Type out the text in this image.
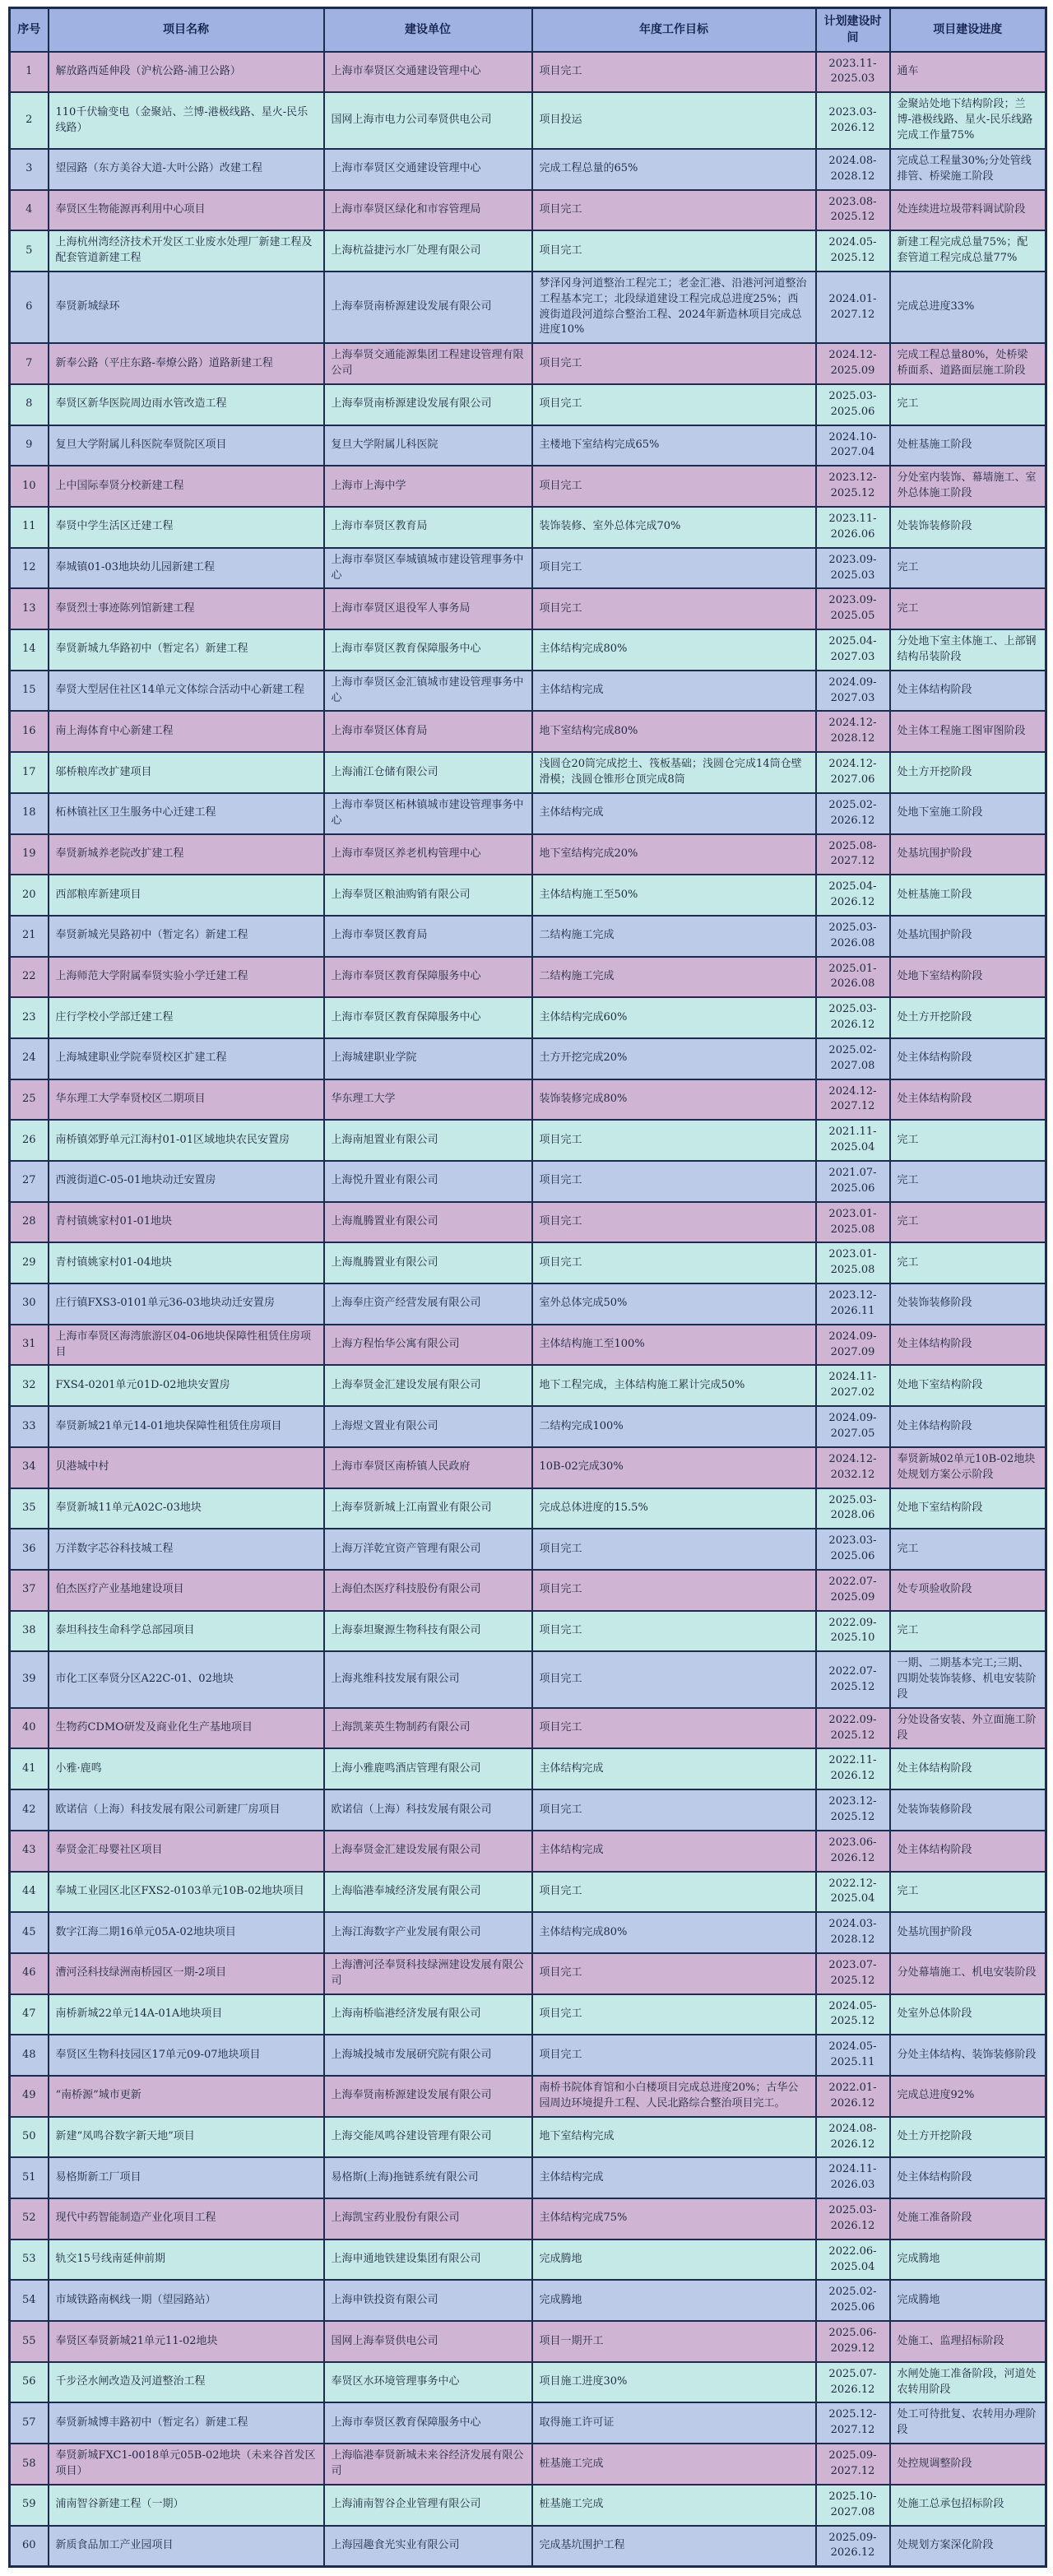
序号	项目名称	建设单位	年度工作目标	计划建设时间	项目建设进度
1	解放路西延伸段（沪杭公路-浦卫公路）	上海市奉贤区交通建设管理中心	项目完工	2023.11-2025.03	通车
2	110千伏输变电（金聚站、兰博-港极线路、星火-民乐线路）	国网上海市电力公司奉贤供电公司	项目投运	2023.03-2026.12	金聚站处地下结构阶段；兰博-港极线路、星火-民乐线路完成工作量75%
3	望园路（东方美谷大道-大叶公路）改建工程	上海市奉贤区交通建设管理中心	完成工程总量的65%	2024.08-2028.12	完成总工程量30%;分处管线排管、桥梁施工阶段
4	奉贤区生物能源再利用中心项目	上海市奉贤区绿化和市容管理局	项目完工	2023.08-2025.12	处连续进垃圾带料调试阶段
5	上海杭州湾经济技术开发区工业废水处理厂新建工程及配套管道新建工程	上海杭益捷污水厂处理有限公司	项目完工	2024.05-2025.12	新建工程完成总量75%；配套管道工程完成总量77%
6	奉贤新城绿环	上海奉贤南桥源建设发展有限公司	梦泽冈身河道整治工程完工；老金汇港、沿港河河道整治工程基本完工；北段绿道建设工程完成总进度25%；西渡街道段河道综合整治工程、2024年新造林项目完成总进度10%	2024.01-2027.12	完成总进度33%
7	新奉公路（平庄东路-奉燎公路）道路新建工程	上海奉贤交通能源集团工程建设管理有限公司	项目完工	2024.12-2025.09	完成工程总量80%，处桥梁桥面系、道路面层施工阶段
8	奉贤区新华医院周边雨水管改造工程	上海奉贤南桥源建设发展有限公司	项目完工	2025.03-2025.06	完工
9	复旦大学附属儿科医院奉贤院区项目	复旦大学附属儿科医院	主楼地下室结构完成65%	2024.10-2027.04	处桩基施工阶段
10	上中国际奉贤分校新建工程	上海市上海中学	项目完工	2023.12-2025.12	分处室内装饰、幕墙施工、室外总体施工阶段
11	奉贤中学生活区迁建工程	上海市奉贤区教育局	装饰装修、室外总体完成70%	2023.11-2026.06	处装饰装修阶段
12	奉城镇01-03地块幼儿园新建工程	上海市奉贤区奉城镇城市建设管理事务中心	项目完工	2023.09-2025.03	完工
13	奉贤烈士事迹陈列馆新建工程	上海市奉贤区退役军人事务局	项目完工	2023.09-2025.05	完工
14	奉贤新城九华路初中（暂定名）新建工程	上海市奉贤区教育保障服务中心	主体结构完成80%	2025.04-2027.03	分处地下室主体施工、上部钢结构吊装阶段
15	奉贤大型居住社区14单元文体综合活动中心新建工程	上海市奉贤区金汇镇城市建设管理事务中心	主体结构完成	2024.09-2027.03	处主体结构阶段
16	南上海体育中心新建工程	上海市奉贤区体育局	地下室结构完成80%	2024.12-2028.12	处主体工程施工图审图阶段
17	邬桥粮库改扩建项目	上海浦江仓储有限公司	浅圆仓20筒完成挖土、筏板基础；浅圆仓完成14筒仓壁滑模；浅圆仓锥形仓顶完成8筒	2024.12-2027.06	处土方开挖阶段
18	柘林镇社区卫生服务中心迁建工程	上海市奉贤区柘林镇城市建设管理事务中心	主体结构完成	2025.02-2026.12	处地下室施工阶段
19	奉贤新城养老院改扩建工程	上海市奉贤区养老机构管理中心	地下室结构完成20%	2025.08-2027.12	处基坑围护阶段
20	西部粮库新建项目	上海奉贤区粮油购销有限公司	主体结构施工至50%	2025.04-2026.12	处桩基施工阶段
21	奉贤新城光昊路初中（暂定名）新建工程	上海市奉贤区教育局	二结构施工完成	2025.03-2026.08	处基坑围护阶段
22	上海师范大学附属奉贤实验小学迁建工程	上海市奉贤区教育保障服务中心	二结构施工完成	2025.01-2026.08	处地下室结构阶段
23	庄行学校小学部迁建工程	上海市奉贤区教育保障服务中心	主体结构完成60%	2025.03-2026.12	处土方开挖阶段
24	上海城建职业学院奉贤校区扩建工程	上海城建职业学院	土方开挖完成20%	2025.02-2027.08	处主体结构阶段
25	华东理工大学奉贤校区二期项目	华东理工大学	装饰装修完成80%	2024.12-2027.12	处主体结构阶段
26	南桥镇郊野单元江海村01-01区域地块农民安置房	上海南旭置业有限公司	项目完工	2021.11-2025.04	完工
27	西渡街道C-05-01地块动迁安置房	上海悦升置业有限公司	项目完工	2021.07-2025.06	完工
28	青村镇姚家村01-01地块	上海胤腾置业有限公司	项目完工	2023.01-2025.08	完工
29	青村镇姚家村01-04地块	上海胤腾置业有限公司	项目完工	2023.01-2025.08	完工
30	庄行镇FXS3-0101单元36-03地块动迁安置房	上海奉庄资产经营发展有限公司	室外总体完成50%	2023.12-2026.11	处装饰装修阶段
31	上海市奉贤区海湾旅游区04-06地块保障性租赁住房项目	上海方程怡华公寓有限公司	主体结构施工至100%	2024.09-2027.09	处主体结构阶段
32	FXS4-0201单元01D-02地块安置房	上海奉贤金汇建设发展有限公司	地下工程完成，主体结构施工累计完成50%	2024.11-2027.02	处地下室结构阶段
33	奉贤新城21单元14-01地块保障性租赁住房项目	上海煜文置业有限公司	二结构完成100%	2024.09-2027.05	处主体结构阶段
34	贝港城中村	上海市奉贤区南桥镇人民政府	10B-02完成30%	2024.12-2032.12	奉贤新城02单元10B-02地块处规划方案公示阶段
35	奉贤新城11单元A02C-03地块	上海奉贤新城上江南置业有限公司	完成总体进度的15.5%	2025.03-2028.06	处地下室结构阶段
36	万洋数字芯谷科技城工程	上海万洋乾宜资产管理有限公司	项目完工	2023.03-2025.06	完工
37	伯杰医疗产业基地建设项目	上海伯杰医疗科技股份有限公司	项目完工	2022.07-2025.09	处专项验收阶段
38	泰坦科技生命科学总部园项目	上海泰坦聚源生物科技有限公司	项目完工	2022.09-2025.10	完工
39	市化工区奉贤分区A22C-01、02地块	上海兆维科技发展有限公司	项目完工	2022.07-2025.12	一期、二期基本完工;三期、四期处装饰装修、机电安装阶段
40	生物药CDMO研发及商业化生产基地项目	上海凯莱英生物制药有限公司	项目完工	2022.09-2025.12	分处设备安装、外立面施工阶段
41	小雅·鹿鸣	上海小雅鹿鸣酒店管理有限公司	主体结构完成	2022.11-2026.12	处主体结构阶段
42	欧诺信（上海）科技发展有限公司新建厂房项目	欧诺信（上海）科技发展有限公司	项目完工	2023.12-2025.12	处装饰装修阶段
43	奉贤金汇母婴社区项目	上海奉贤金汇建设发展有限公司	主体结构完成	2023.06-2026.12	处主体结构阶段
44	奉城工业园区北区FXS2-0103单元10B-02地块项目	上海临港奉城经济发展有限公司	项目完工	2022.12-2025.04	完工
45	数字江海二期16单元05A-02地块项目	上海江海数字产业发展有限公司	主体结构完成80%	2024.03-2028.12	处基坑围护阶段
46	漕河泾科技绿洲南桥园区一期-2项目	上海漕河泾奉贤科技绿洲建设发展有限公司	项目完工	2023.07-2025.12	分处幕墙施工、机电安装阶段
47	南桥新城22单元14A-01A地块项目	上海南桥临港经济发展有限公司	项目完工	2024.05-2025.12	处室外总体阶段
48	奉贤区生物科技园区17单元09-07地块项目	上海城投城市发展研究院有限公司	项目完工	2024.05-2025.11	分处主体结构、装饰装修阶段
49	“南桥源”城市更新	上海奉贤南桥源建设发展有限公司	南桥书院体育馆和小白楼项目完成总进度20%；古华公园周边环境提升工程、人民北路综合整治项目完工。	2022.01-2026.12	完成总进度92%
50	新建“凤鸣谷数字新天地”项目	上海交能凤鸣谷建设管理有限公司	地下室结构完成	2024.08-2026.12	处土方开挖阶段
51	易格斯新工厂项目	易格斯(上海)拖链系统有限公司	主体结构完成	2024.11-2026.03	处主体结构阶段
52	现代中药智能制造产业化项目工程	上海凯宝药业股份有限公司	主体结构完成75%	2025.03-2026.12	处施工准备阶段
53	轨交15号线南延伸前期	上海申通地铁建设集团有限公司	完成腾地	2022.06-2025.04	完成腾地
54	市域铁路南枫线一期（望园路站）	上海申铁投资有限公司	完成腾地	2025.02-2025.06	完成腾地
55	奉贤区奉贤新城21单元11-02地块	国网上海奉贤供电公司	项目一期开工	2025.06-2029.12	处施工、监理招标阶段
56	千步泾水闸改造及河道整治工程	奉贤区水环境管理事务中心	项目施工进度30%	2025.07-2026.12	水闸处施工准备阶段，河道处农转用阶段
57	奉贤新城博丰路初中（暂定名）新建工程	上海市奉贤区教育保障服务中心	取得施工许可证	2025.12-2027.12	处工可待批复、农转用办理阶段
58	奉贤新城FXC1-0018单元05B-02地块（未来谷首发区项目）	上海临港奉贤新城未来谷经济发展有限公司	桩基施工完成	2025.09-2027.12	处控规调整阶段
59	浦南智谷新建工程（一期）	上海浦南智谷企业管理有限公司	桩基施工完成	2025.10-2027.08	处施工总承包招标阶段
60	新质食品加工产业园项目	上海园趣食光实业有限公司	完成基坑围护工程	2025.09-2026.12	处规划方案深化阶段
